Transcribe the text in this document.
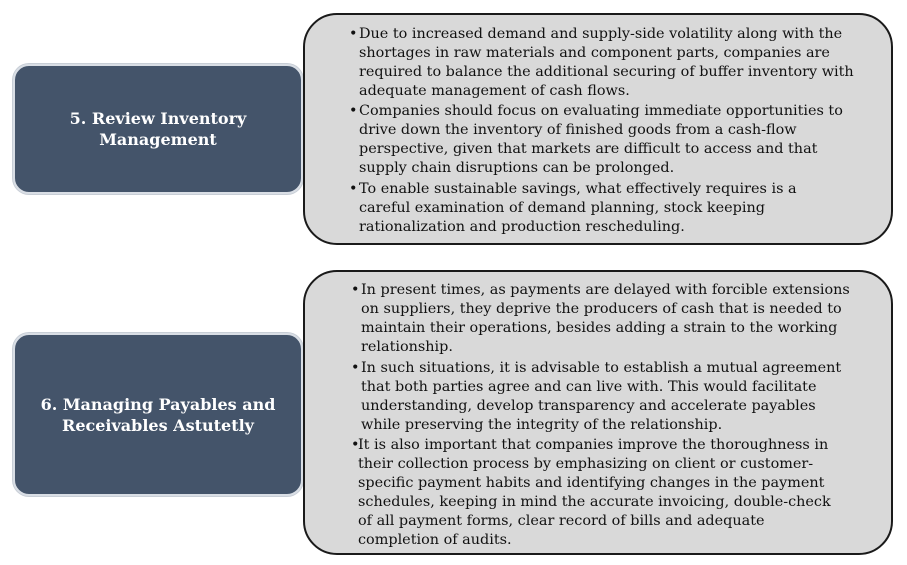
5. Review Inventory
Management
• Due to increased demand and supply-side volatility along with the
shortages in raw materials and component parts, companies are
required to balance the additional securing of buffer inventory with
adequate management of cash flows.
• Companies should focus on evaluating immediate opportunities to
drive down the inventory of finished goods from a cash-flow
perspective, given that markets are difficult to access and that
supply chain disruptions can be prolonged.
• To enable sustainable savings, what effectively requires is a
careful examination of demand planning, stock keeping
rationalization and production rescheduling.
6. Managing Payables and
Receivables Astutetly
• In present times, as payments are delayed with forcible extensions
on suppliers, they deprive the producers of cash that is needed to
maintain their operations, besides adding a strain to the working
relationship.
• In such situations, it is advisable to establish a mutual agreement
that both parties agree and can live with. This would facilitate
understanding, develop transparency and accelerate payables
while preserving the integrity of the relationship.
•
It is also important that companies improve the thoroughness in
their collection process by emphasizing on client or customer-
specific payment habits and identifying changes in the payment
schedules, keeping in mind the accurate invoicing, double-check
of all payment forms, clear record of bills and adequate
completion of audits.
